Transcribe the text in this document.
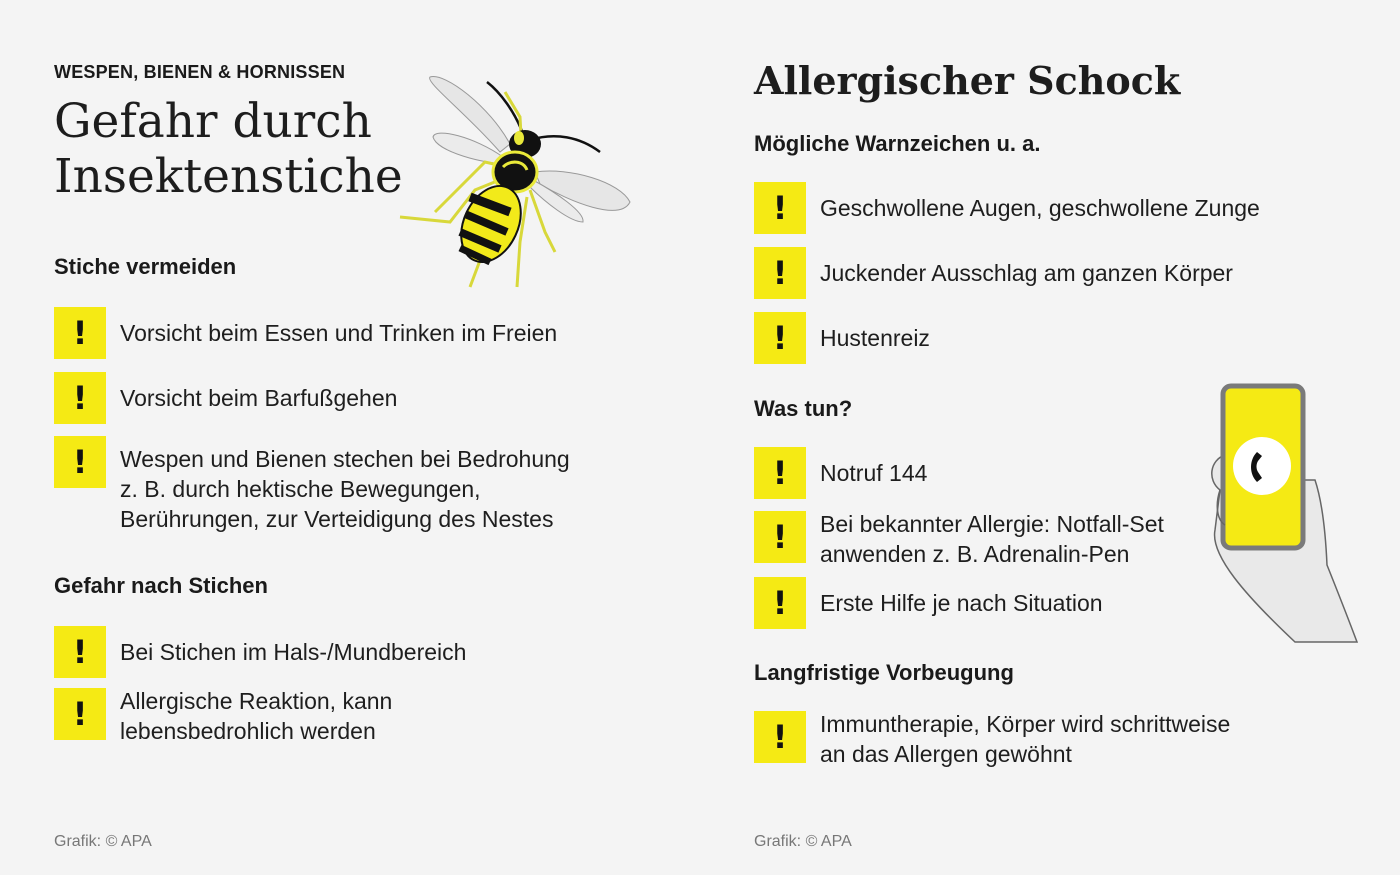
WESPEN, BIENEN & HORNISSEN
Gefahr durch
Insektenstiche
Stiche vermeiden
!	Vorsicht beim Essen und Trinken im Freien
!	Vorsicht beim Barfußgehen
!	Wespen und Bienen stechen bei Bedrohung
z. B. durch hektische Bewegungen,
Berührungen, zur Verteidigung des Nestes
Gefahr nach Stichen
!	Bei Stichen im Hals-/Mundbereich
!	Allergische Reaktion, kann
lebensbedrohlich werden
Grafik: © APA
Allergischer Schock
Mögliche Warnzeichen u. a.
!	Geschwollene Augen, geschwollene Zunge
!	Juckender Ausschlag am ganzen Körper
!	Hustenreiz
Was tun?
!	Notruf 144
!	Bei bekannter Allergie: Notfall-Set
anwenden z. B. Adrenalin-Pen
!	Erste Hilfe je nach Situation
Langfristige Vorbeugung
!	Immuntherapie, Körper wird schrittweise
an das Allergen gewöhnt
Grafik: © APA
